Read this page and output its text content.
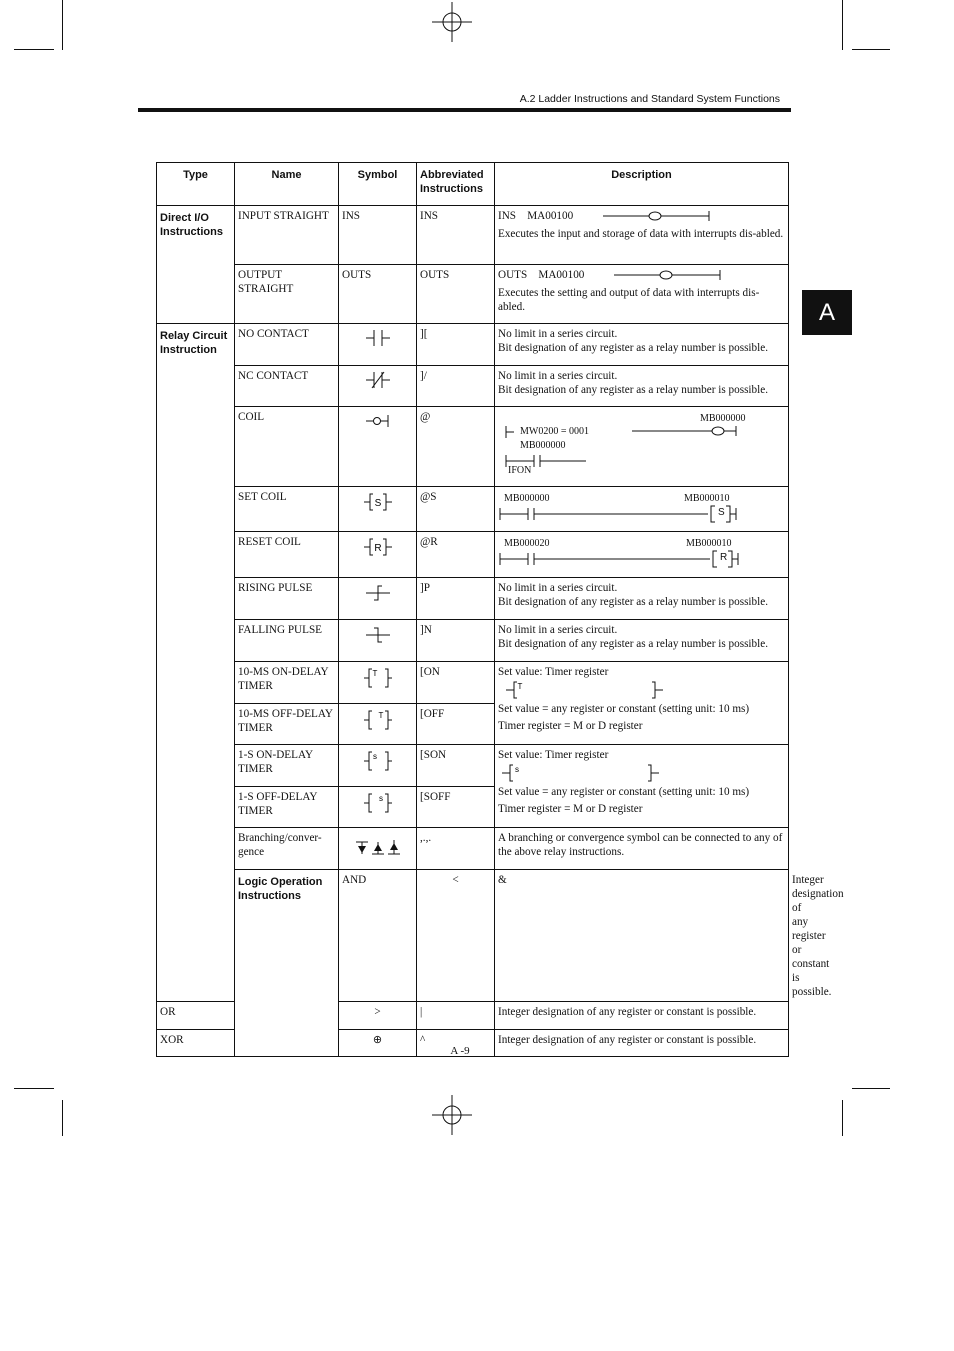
A.2 Ladder Instructions and Standard System Functions
A
Type	Name	Symbol	Abbreviated Instructions	Description	
Direct I/O Instructions	INPUT STRAIGHT	INS	INS	INS    MA00100
Executes the input and storage of data with interrupts dis-abled.	

	OUTPUT STRAIGHT	OUTS	OUTS	OUTS    MA00100
Executes the setting and output of data with interrupts dis-abled.	

Relay Circuit Instruction	NO CONTACT		][	No limit in a series circuit.
Bit designation of any register as a relay number is possible.	

	NC CONTACT		]/	No limit in a series circuit.
Bit designation of any register as a relay number is possible.	

	COIL		@	MB000000
MW0200 = 0001
MB000000
IFON	

	SET COIL	S	@S	MB000000 MB000010
S	

	RESET COIL	R	@R	MB000020 MB000010
R	

	RISING PULSE		]P	No limit in a series circuit.
Bit designation of any register as a relay number is possible.	

	FALLING PULSE		]N	No limit in a series circuit.
Bit designation of any register as a relay number is possible.	

	10-MS ON-DELAY TIMER	T	[ON	Set value: Timer register
T
Set value = any register or constant (setting unit: 10 ms)
Timer register = M or D register	

	10-MS OFF-DELAY TIMER	T	[OFF		
	1-S ON-DELAY TIMER	s	[SON	Set value: Timer register
s
Set value = any register or constant (setting unit: 10 ms)
Timer register = M or D register	

	1-S OFF-DELAY TIMER	s	[SOFF		
	Branching/conver-gence		,.,.	A branching or convergence symbol can be connected to any of the above relay instructions.	
	Logic Operation Instructions	AND	<	&	Integer designation of any register or constant is possible.
OR		>	|	Integer designation of any register or constant is possible.	
XOR		⊕	^	Integer designation of any register or constant is possible.	
A -9
